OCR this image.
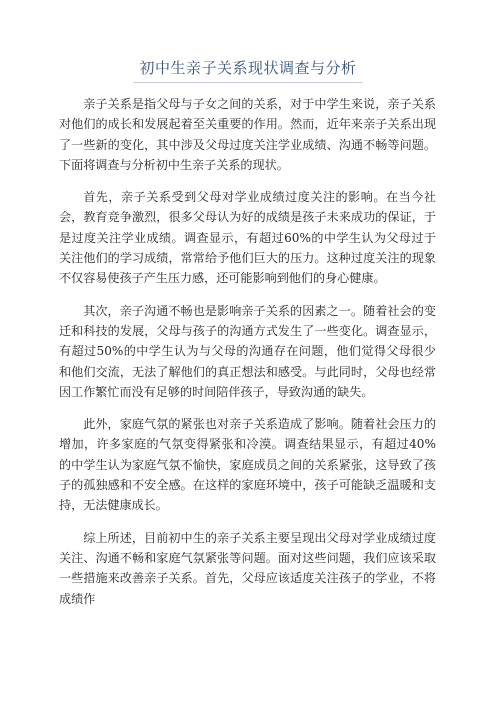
初中生亲子关系现状调查与分析

亲子关系是指父母与子女之间的关系，对于中学生来说，亲子关系对他们的成长和发展起着至关重要的作用。然而，近年来亲子关系出现了一些新的变化，其中涉及父母过度关注学业成绩、沟通不畅等问题。下面将调查与分析初中生亲子关系的现状。

首先，亲子关系受到父母对学业成绩过度关注的影响。在当今社会，教育竞争激烈，很多父母认为好的成绩是孩子未来成功的保证，于是过度关注学业成绩。调查显示，有超过60%的中学生认为父母过于关注他们的学习成绩，常常给予他们巨大的压力。这种过度关注的现象不仅容易使孩子产生压力感，还可能影响到他们的身心健康。

其次，亲子沟通不畅也是影响亲子关系的因素之一。随着社会的变迁和科技的发展，父母与孩子的沟通方式发生了一些变化。调查显示，有超过50%的中学生认为与父母的沟通存在问题，他们觉得父母很少和他们交流，无法了解他们的真正想法和感受。与此同时，父母也经常因工作繁忙而没有足够的时间陪伴孩子，导致沟通的缺失。

此外，家庭气氛的紧张也对亲子关系造成了影响。随着社会压力的增加，许多家庭的气氛变得紧张和冷漠。调查结果显示，有超过40%的中学生认为家庭气氛不愉快，家庭成员之间的关系紧张，这导致了孩子的孤独感和不安全感。在这样的家庭环境中，孩子可能缺乏温暖和支持，无法健康成长。

综上所述，目前初中生的亲子关系主要呈现出父母对学业成绩过度关注、沟通不畅和家庭气氛紧张等问题。面对这些问题，我们应该采取一些措施来改善亲子关系。首先，父母应该适度关注孩子的学业，不将成绩作
